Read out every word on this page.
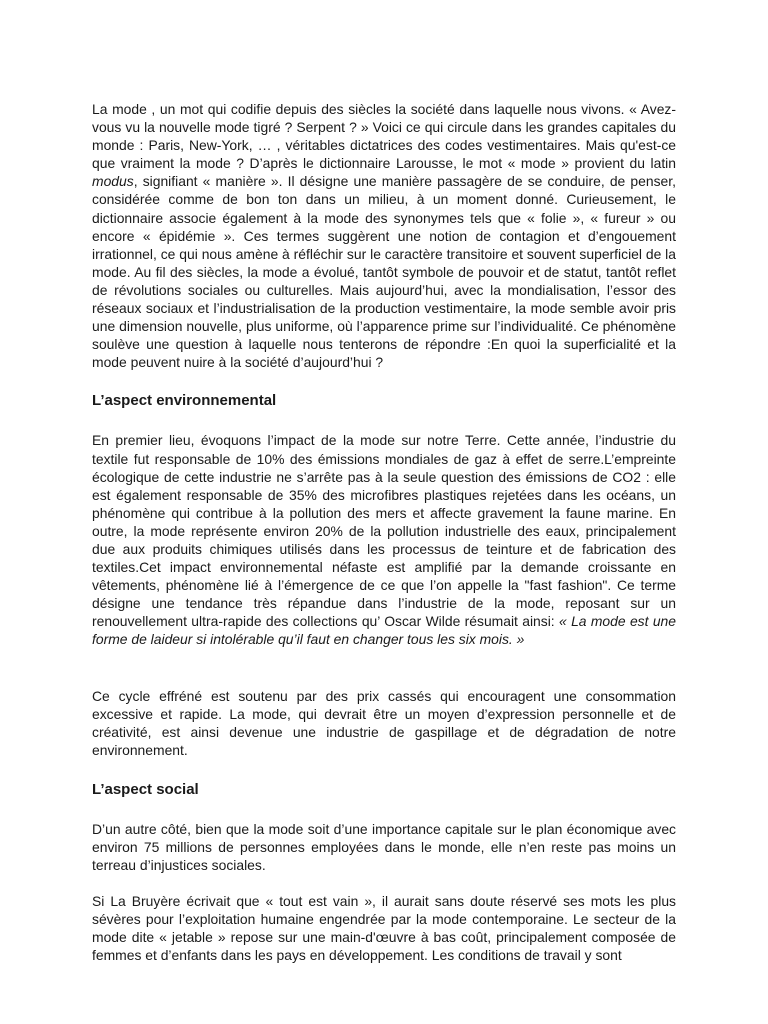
La mode , un mot qui codifie depuis des siècles la société dans laquelle nous vivons. « Avez-vous vu la nouvelle mode tigré ? Serpent ? » Voici ce qui circule dans les grandes capitales du monde : Paris, New-York, … , véritables dictatrices des codes vestimentaires. Mais qu'est-ce que vraiment la mode ? D’après le dictionnaire Larousse, le mot « mode » provient du latin modus, signifiant « manière ». Il désigne une manière passagère de se conduire, de penser, considérée comme de bon ton dans un milieu, à un moment donné. Curieusement, le dictionnaire associe également à la mode des synonymes tels que « folie », « fureur » ou encore « épidémie ». Ces termes suggèrent une notion de contagion et d’engouement irrationnel, ce qui nous amène à réfléchir sur le caractère transitoire et souvent superficiel de la mode. Au fil des siècles, la mode a évolué, tantôt symbole de pouvoir et de statut, tantôt reflet de révolutions sociales ou culturelles. Mais aujourd’hui, avec la mondialisation, l’essor des réseaux sociaux et l’industrialisation de la production vestimentaire, la mode semble avoir pris une dimension nouvelle, plus uniforme, où l’apparence prime sur l’individualité. Ce phénomène soulève une question à laquelle nous tenterons de répondre :En quoi la superficialité et la mode peuvent nuire à la société d’aujourd’hui ?

L’aspect environnemental

En premier lieu, évoquons l’impact de la mode sur notre Terre. Cette année, l’industrie du textile fut responsable de 10% des émissions mondiales de gaz à effet de serre.L’empreinte écologique de cette industrie ne s’arrête pas à la seule question des émissions de CO2 : elle est également responsable de 35% des microfibres plastiques rejetées dans les océans, un phénomène qui contribue à la pollution des mers et affecte gravement la faune marine. En outre, la mode représente environ 20% de la pollution industrielle des eaux, principalement due aux produits chimiques utilisés dans les processus de teinture et de fabrication des textiles.Cet impact environnemental néfaste est amplifié par la demande croissante en vêtements, phénomène lié à l’émergence de ce que l’on appelle la "fast fashion". Ce terme désigne une tendance très répandue dans l’industrie de la mode, reposant sur un renouvellement ultra-rapide des collections qu’ Oscar Wilde résumait ainsi: « La mode est une forme de laideur si intolérable qu’il faut en changer tous les six mois. »

Ce cycle effréné est soutenu par des prix cassés qui encouragent une consommation excessive et rapide. La mode, qui devrait être un moyen d’expression personnelle et de créativité, est ainsi devenue une industrie de gaspillage et de dégradation de notre environnement.

L’aspect social

D’un autre côté, bien que la mode soit d’une importance capitale sur le plan économique avec environ 75 millions de personnes employées dans le monde, elle n’en reste pas moins un terreau d’injustices sociales.

Si La Bruyère écrivait que « tout est vain », il aurait sans doute réservé ses mots les plus sévères pour l’exploitation humaine engendrée par la mode contemporaine. Le secteur de la mode dite « jetable » repose sur une main-d'œuvre à bas coût, principalement composée de femmes et d’enfants dans les pays en développement. Les conditions de travail y sont
